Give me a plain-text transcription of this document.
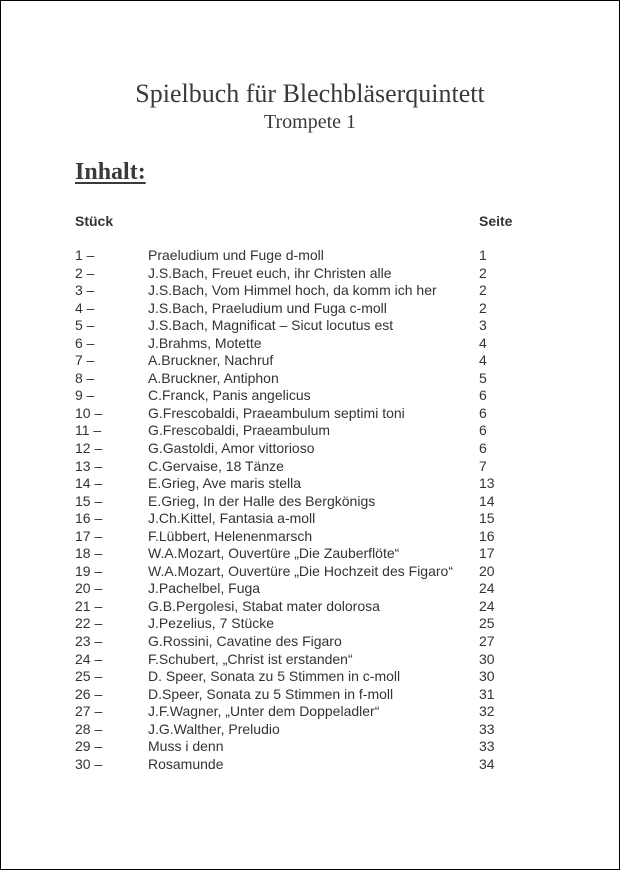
Spielbuch für Blechbläserquintett
Trompete 1
Inhalt:
Stück	Seite
1 –	Praeludium und Fuge d-moll	1
2 –	J.S.Bach, Freuet euch, ihr Christen alle	2
3 –	J.S.Bach, Vom Himmel hoch, da komm ich her	2
4 –	J.S.Bach, Praeludium und Fuga c-moll	2
5 –	J.S.Bach, Magnificat – Sicut locutus est	3
6 –	J.Brahms, Motette	4
7 –	A.Bruckner, Nachruf	4
8 –	A.Bruckner, Antiphon	5
9 –	C.Franck, Panis angelicus	6
10 –	G.Frescobaldi, Praeambulum septimi toni	6
11 –	G.Frescobaldi, Praeambulum	6
12 –	G.Gastoldi, Amor vittorioso	6
13 –	C.Gervaise, 18 Tänze	7
14 –	E.Grieg, Ave maris stella	13
15 –	E.Grieg, In der Halle des Bergkönigs	14
16 –	J.Ch.Kittel, Fantasia a-moll	15
17 –	F.Lübbert, Helenenmarsch	16
18 –	W.A.Mozart, Ouvertüre „Die Zauberflöte“	17
19 –	W.A.Mozart, Ouvertüre „Die Hochzeit des Figaro“ 20
20 –	J.Pachelbel, Fuga	24
21 –	G.B.Pergolesi, Stabat mater dolorosa	24
22 –	J.Pezelius, 7 Stücke	25
23 –	G.Rossini, Cavatine des Figaro	27
24 –	F.Schubert, „Christ ist erstanden“	30
25 –	D. Speer, Sonata zu 5 Stimmen in c-moll	30
26 –	D.Speer, Sonata zu 5 Stimmen in f-moll	31
27 –	J.F.Wagner, „Unter dem Doppeladler“	32
28 –	J.G.Walther, Preludio	33
29 –	Muss i denn	33
30 –	Rosamunde	34
